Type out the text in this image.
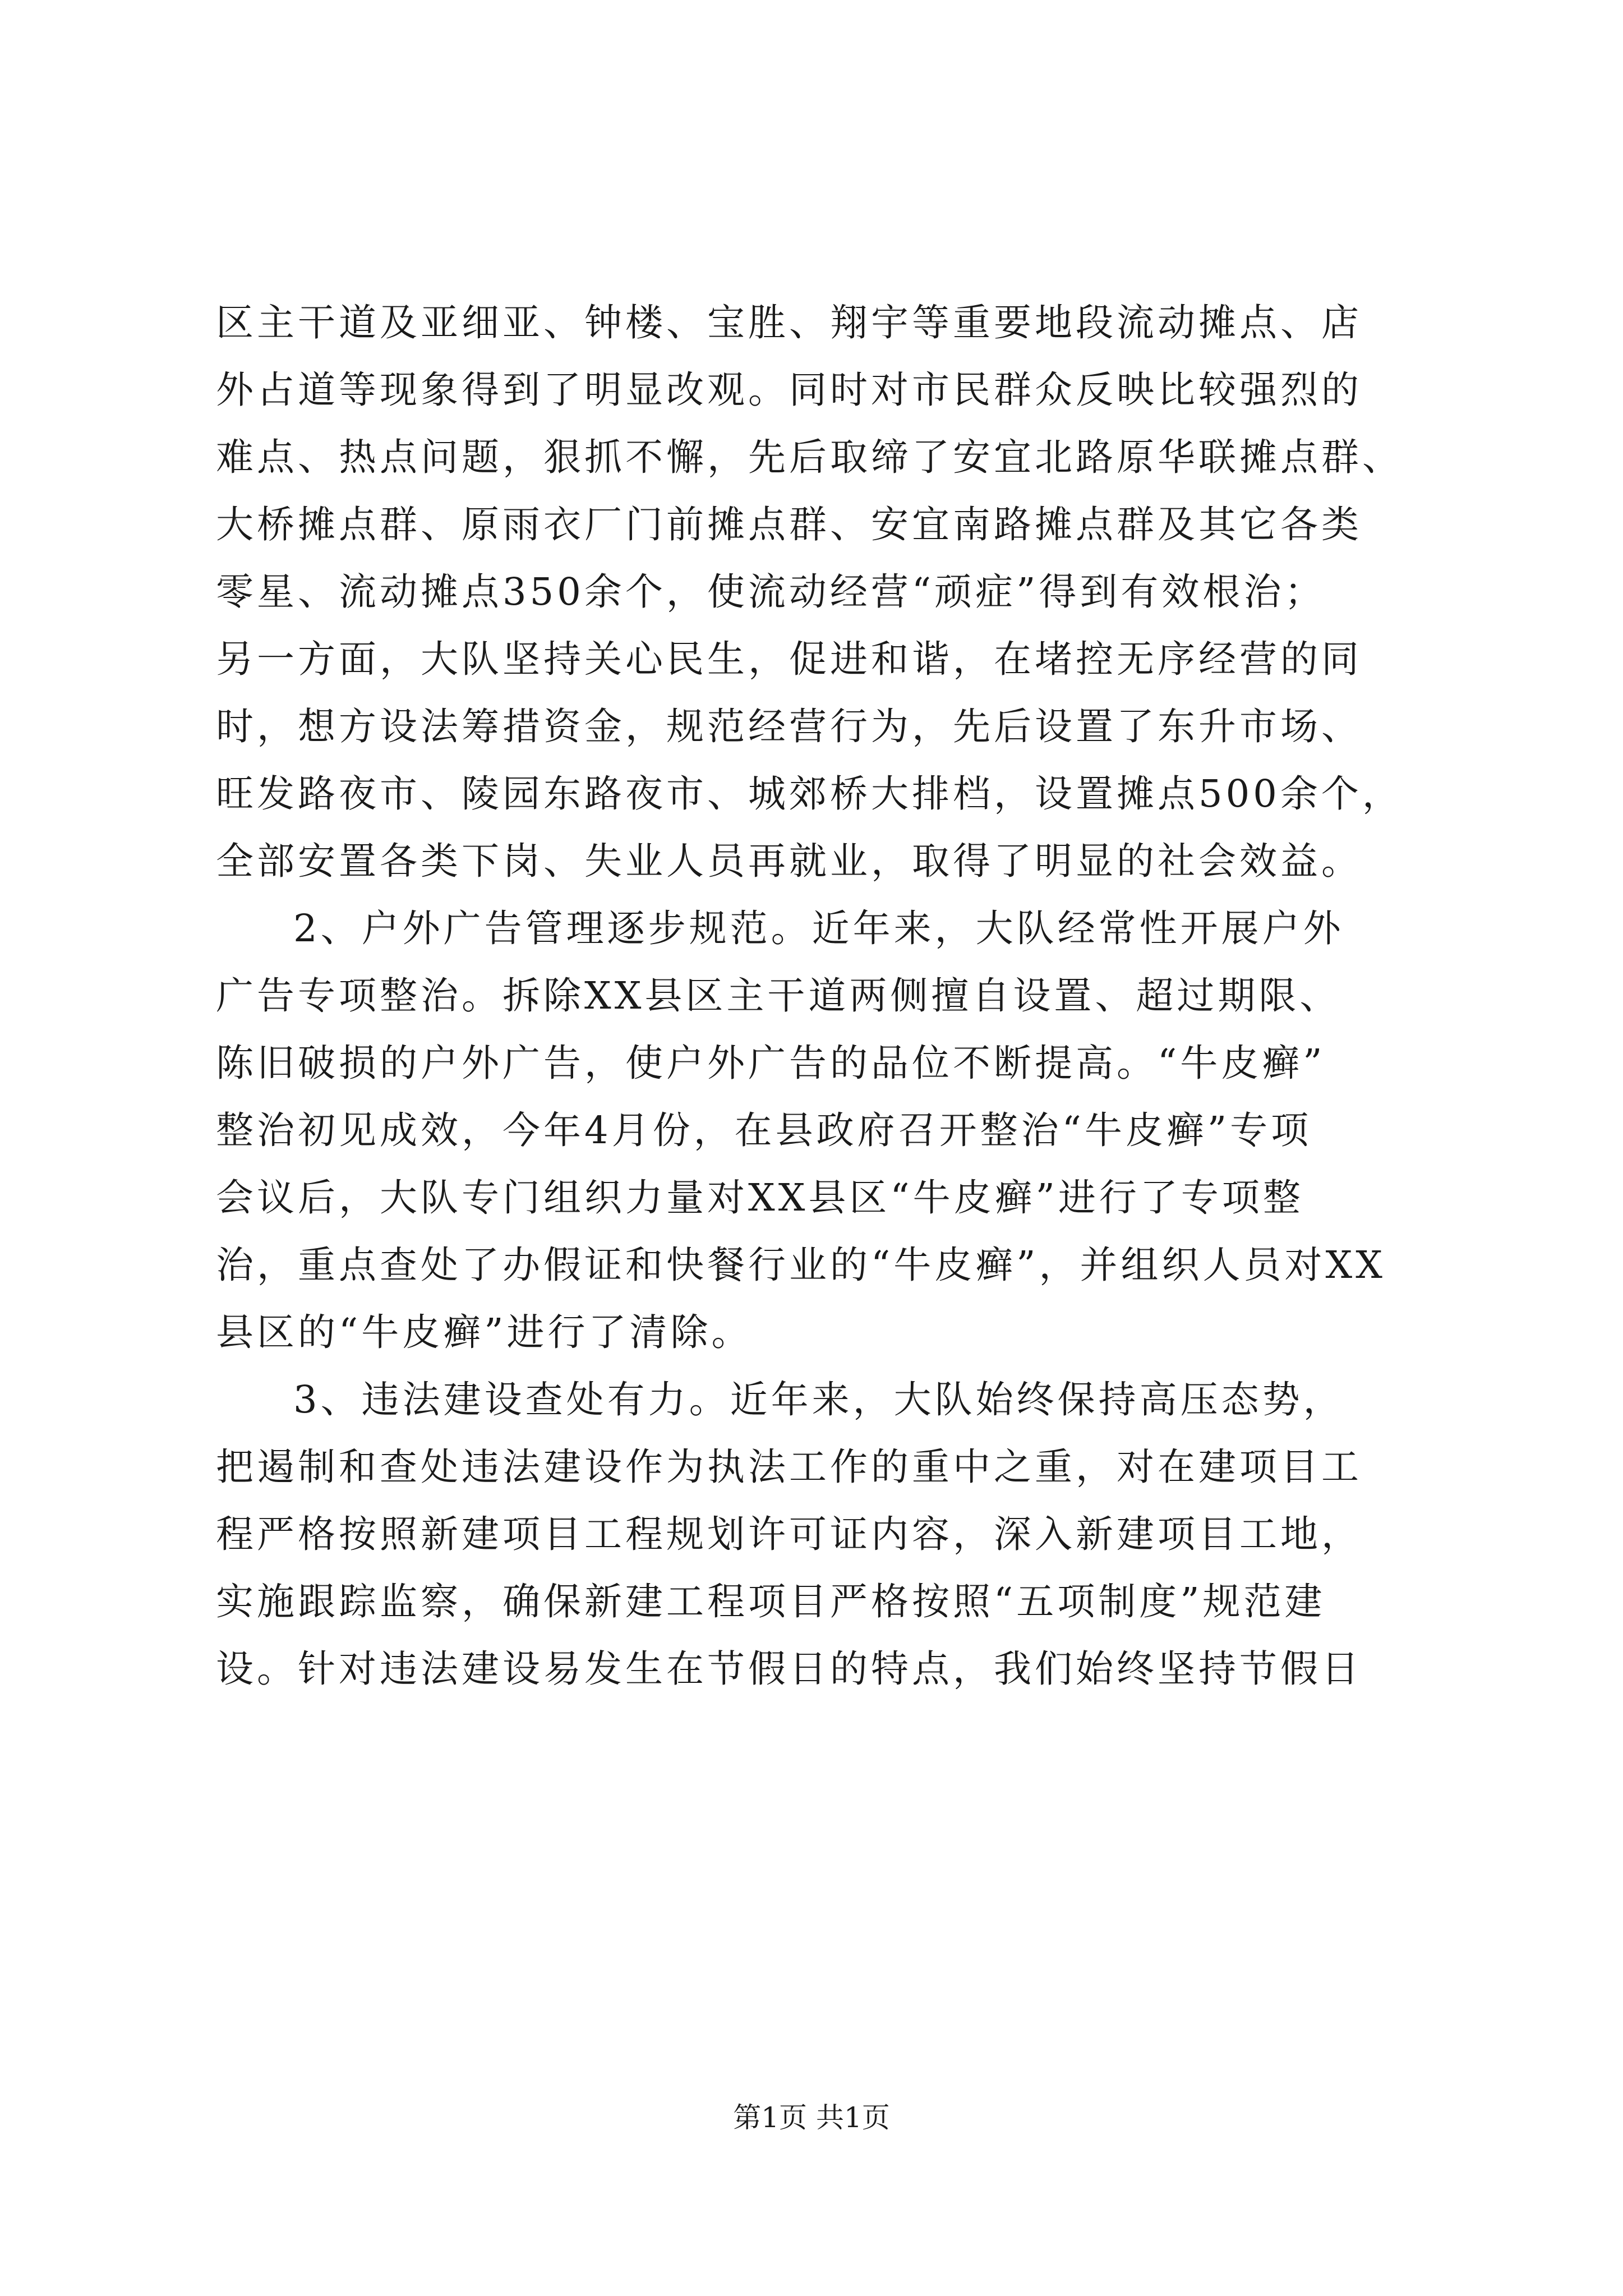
区主干道及亚细亚、钟楼、宝胜、翔宇等重要地段流动摊点、店
外占道等现象得到了明显改观。同时对市民群众反映比较强烈的
难点、热点问题，狠抓不懈，先后取缔了安宜北路原华联摊点群、
大桥摊点群、原雨衣厂门前摊点群、安宜南路摊点群及其它各类
零星、流动摊点350余个，使流动经营“顽症”得到有效根治；
另一方面，大队坚持关心民生，促进和谐，在堵控无序经营的同
时，想方设法筹措资金，规范经营行为，先后设置了东升市场、
旺发路夜市、陵园东路夜市、城郊桥大排档，设置摊点500余个，
全部安置各类下岗、失业人员再就业，取得了明显的社会效益。
2、户外广告管理逐步规范。近年来，大队经常性开展户外
广告专项整治。拆除XX县区主干道两侧擅自设置、超过期限、
陈旧破损的户外广告，使户外广告的品位不断提高。“牛皮癣”
整治初见成效，今年4月份，在县政府召开整治“牛皮癣”专项
会议后，大队专门组织力量对XX县区“牛皮癣”进行了专项整
治，重点查处了办假证和快餐行业的“牛皮癣”，并组织人员对XX
县区的“牛皮癣”进行了清除。
3、违法建设查处有力。近年来，大队始终保持高压态势，
把遏制和查处违法建设作为执法工作的重中之重，对在建项目工
程严格按照新建项目工程规划许可证内容，深入新建项目工地，
实施跟踪监察，确保新建工程项目严格按照“五项制度”规范建
设。针对违法建设易发生在节假日的特点，我们始终坚持节假日
第1页 共1页
